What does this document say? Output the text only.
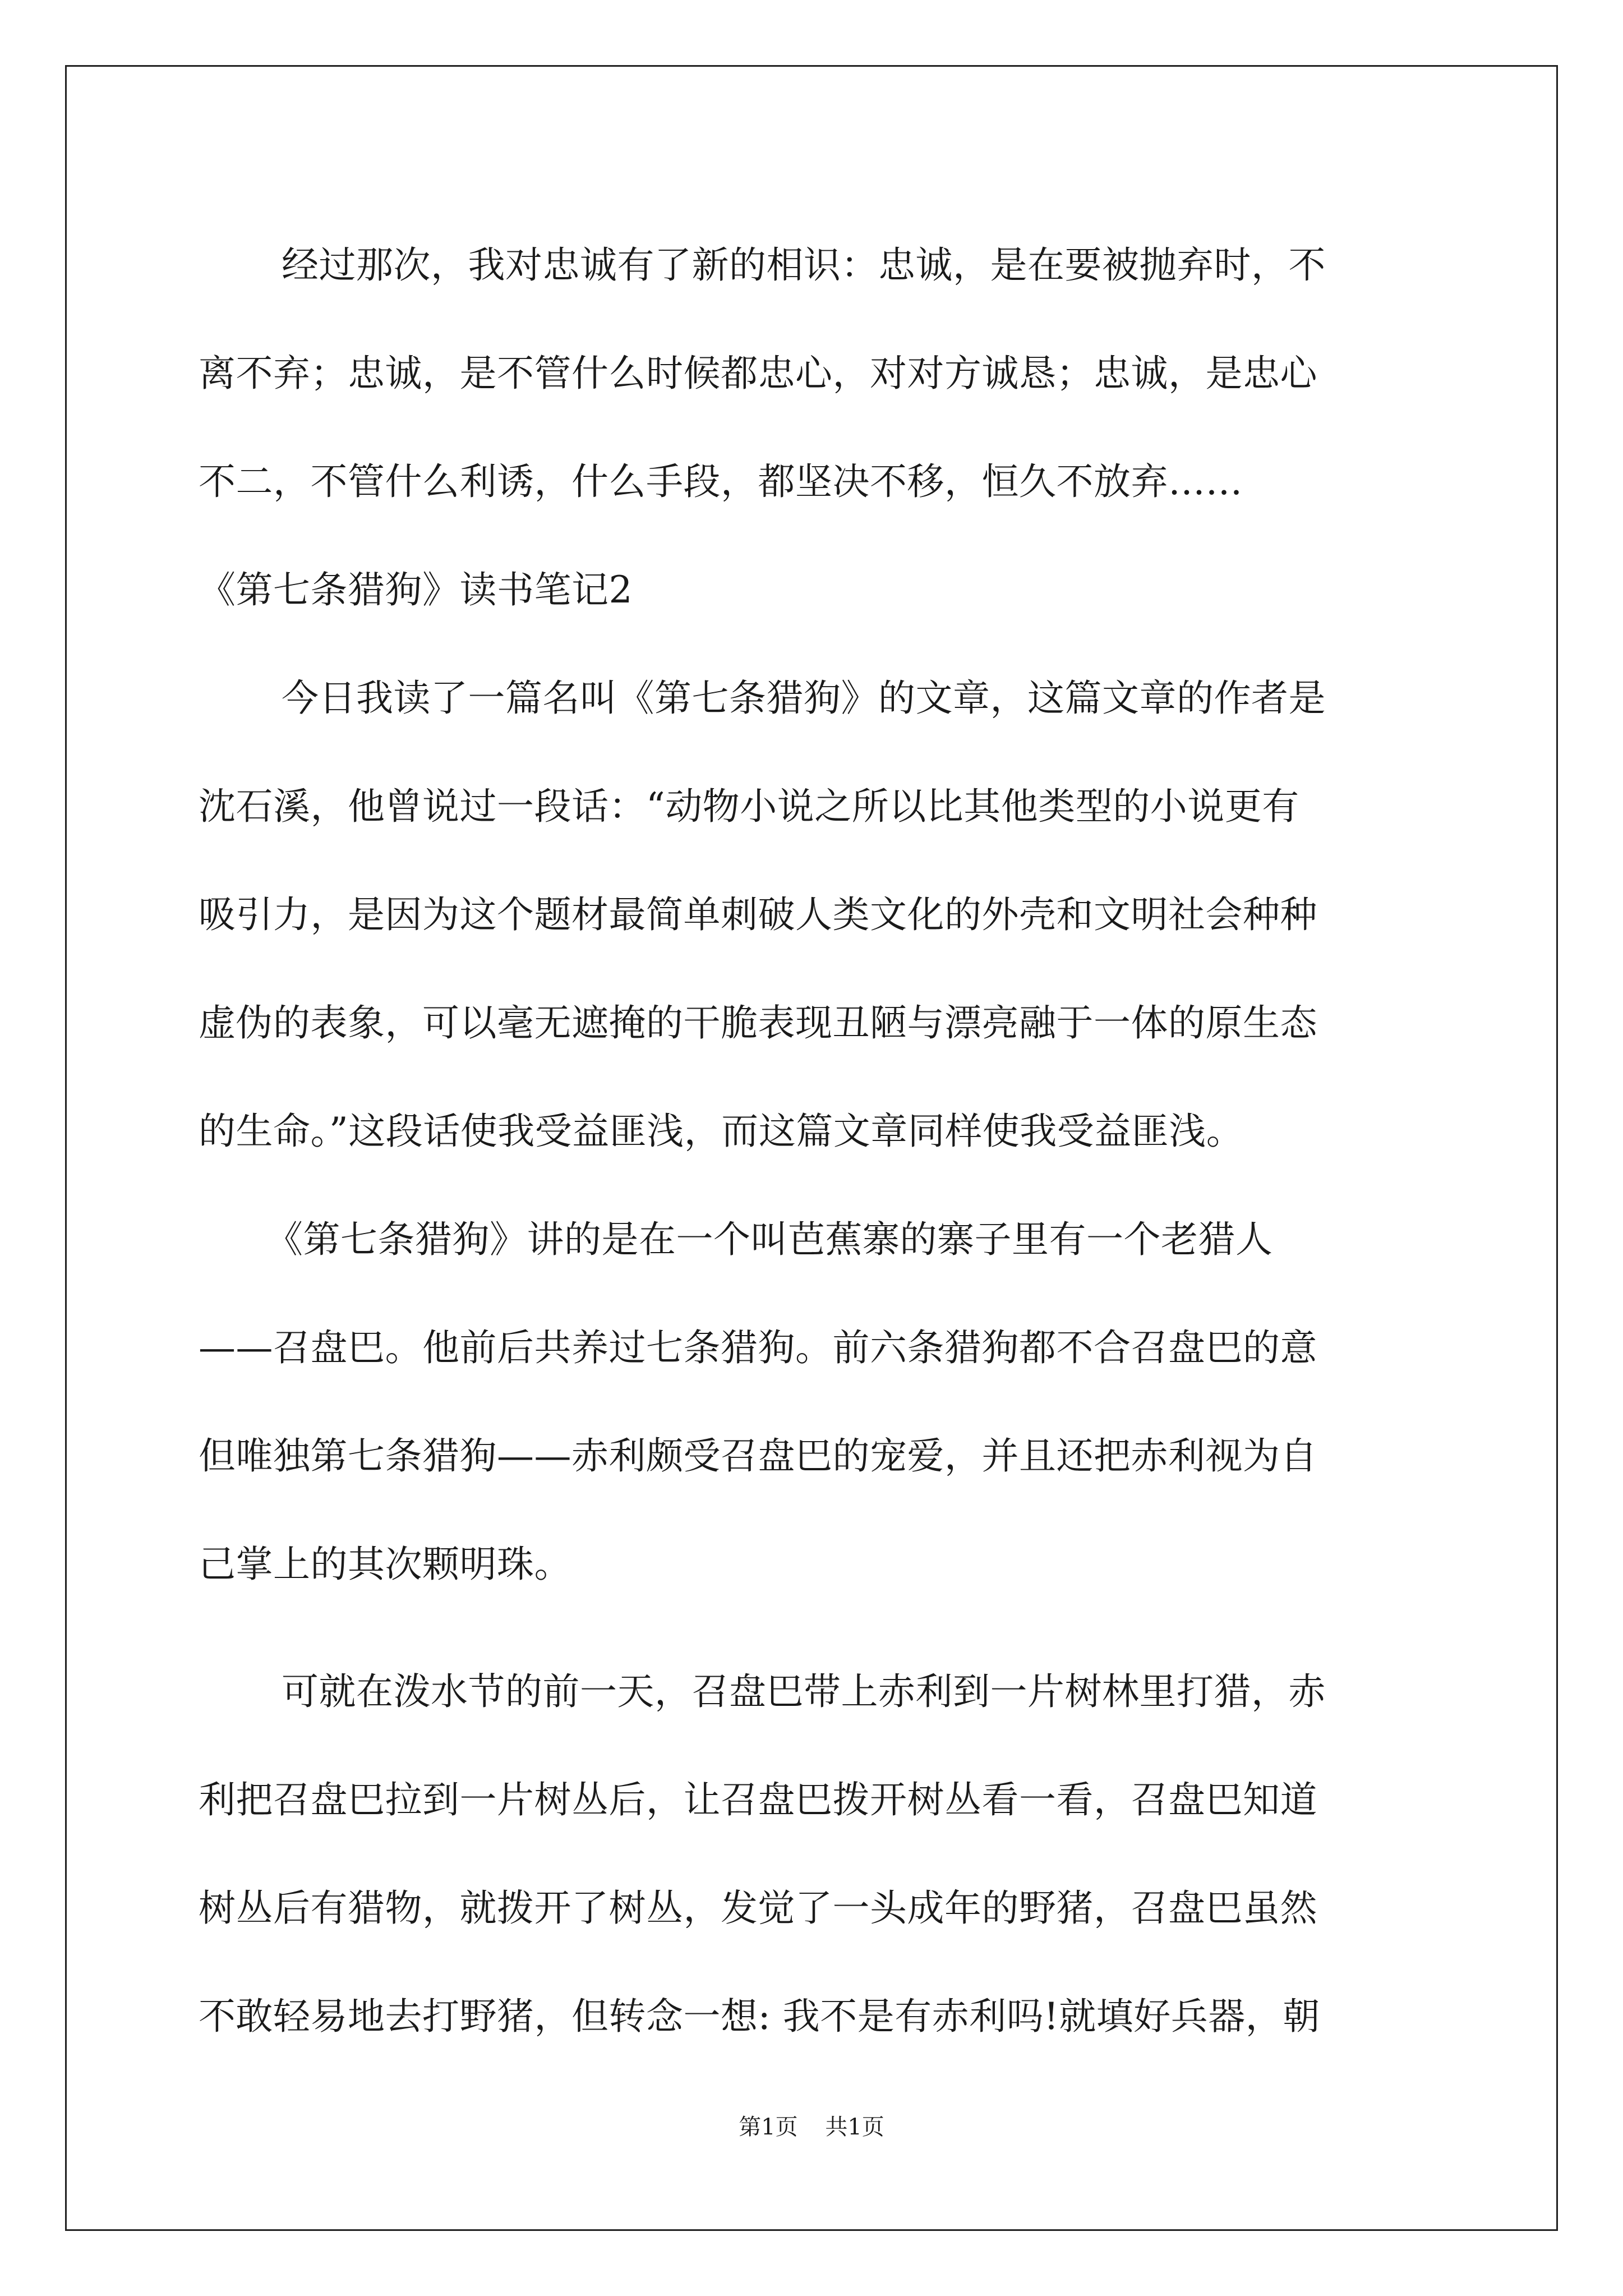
经过那次，我对忠诚有了新的相识：忠诚，是在要被抛弃时，不
离不弃；忠诚，是不管什么时候都忠心，对对方诚恳；忠诚，是忠心
不二，不管什么利诱，什么手段，都坚决不移，恒久不放弃……
《第七条猎狗》读书笔记2
今日我读了一篇名叫《第七条猎狗》的文章，这篇文章的作者是
沈石溪，他曾说过一段话：“动物小说之所以比其他类型的小说更有
吸引力，是因为这个题材最简单刺破人类文化的外壳和文明社会种种
虚伪的表象，可以毫无遮掩的干脆表现丑陋与漂亮融于一体的原生态
的生命。”这段话使我受益匪浅，而这篇文章同样使我受益匪浅。
《第七条猎狗》讲的是在一个叫芭蕉寨的寨子里有一个老猎人
——召盘巴。他前后共养过七条猎狗。前六条猎狗都不合召盘巴的意
但唯独第七条猎狗——赤利颇受召盘巴的宠爱，并且还把赤利视为自
己掌上的其次颗明珠。
可就在泼水节的前一天，召盘巴带上赤利到一片树林里打猎，赤
利把召盘巴拉到一片树丛后，让召盘巴拨开树丛看一看，召盘巴知道
树丛后有猎物，就拨开了树丛，发觉了一头成年的野猪，召盘巴虽然
不敢轻易地去打野猪，但转念一想: 我不是有赤利吗!就填好兵器，朝
第1页 共1页
